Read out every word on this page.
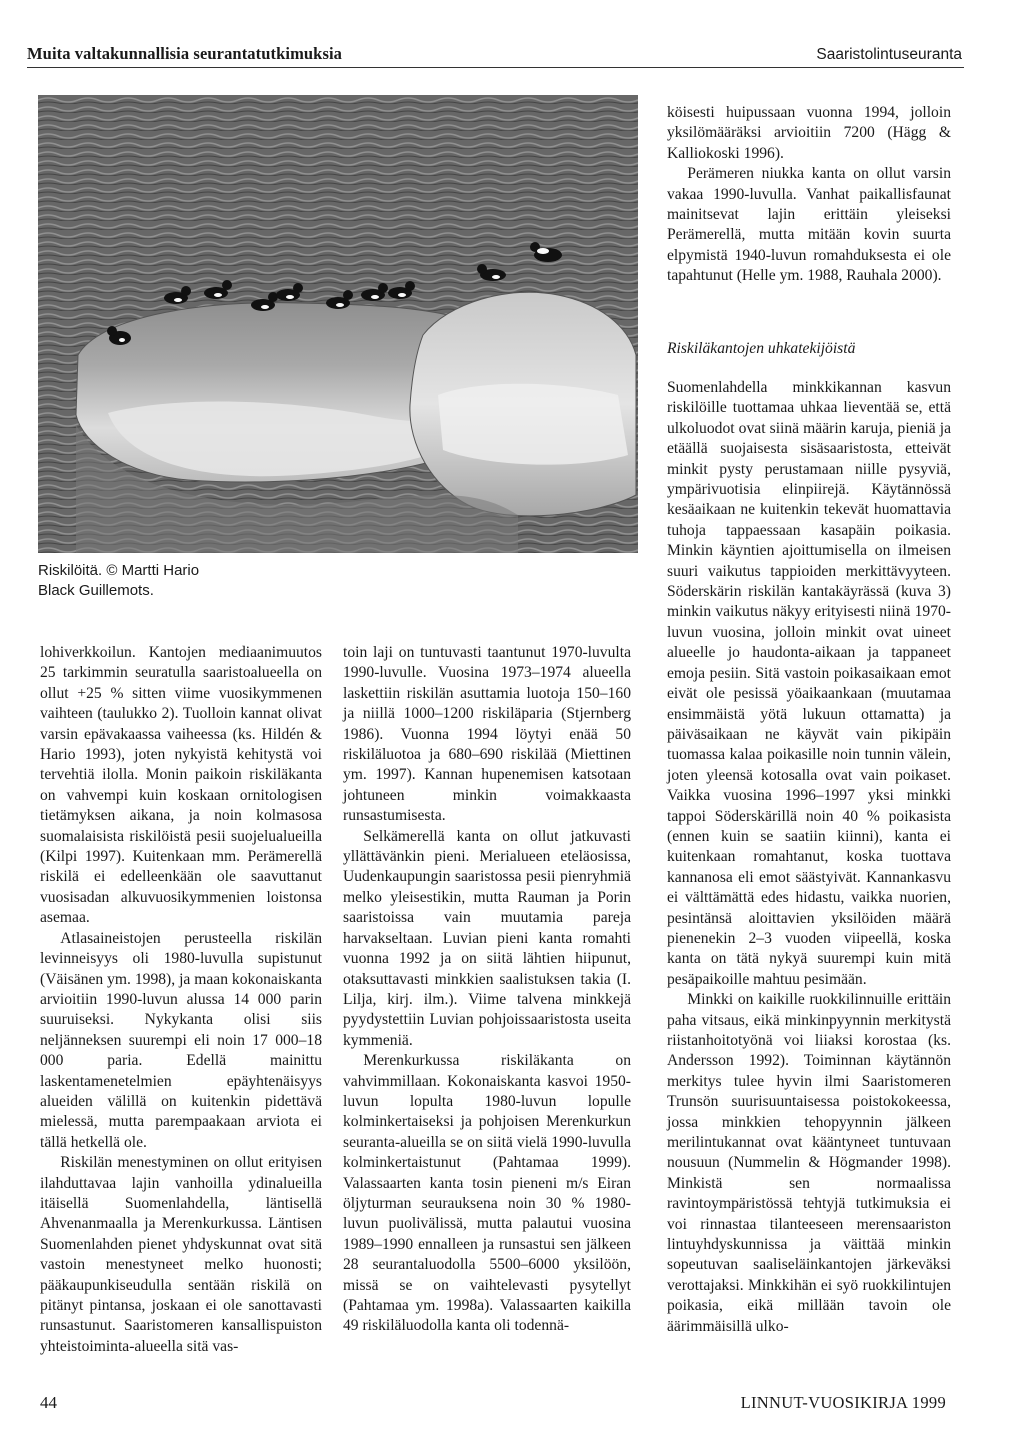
Muita valtakunnallisia seurantatutkimuksia	Saaristolintuseuranta
Riskilöitä. © Martti Hario
Black Guillemots.

lohiverkkoilun. Kantojen mediaanimuutos 25 tarkimmin seuratulla saaristoalueella on ollut +25 % sitten viime vuosikymmenen vaihteen (taulukko 2). Tuolloin kannat olivat varsin epävakaassa vaiheessa (ks. Hildén & Hario 1993), joten nykyistä kehitystä voi tervehtiä ilolla. Monin paikoin riskiläkanta on vahvempi kuin koskaan ornitologisen tietämyksen aikana, ja noin kolmasosa suomalaisista riskilöistä pesii suojelualueilla (Kilpi 1997). Kuitenkaan mm. Perämerellä riskilä ei edelleenkään ole saavuttanut vuosisadan alkuvuosikymmenien loistonsa asemaa.

Atlasaineistojen perusteella riskilän levinneisyys oli 1980-luvulla supistunut (Väisänen ym. 1998), ja maan kokonaiskanta arvioitiin 1990-luvun alussa 14 000 parin suuruiseksi. Nykykanta olisi siis neljänneksen suurempi eli noin 17 000–18 000 paria. Edellä mainittu laskentamenetelmien epäyhtenäisyys alueiden välillä on kuitenkin pidettävä mielessä, mutta parempaakaan arviota ei tällä hetkellä ole.

Riskilän menestyminen on ollut erityisen ilahduttavaa lajin vanhoilla ydinalueilla itäisellä Suomenlahdella, läntisellä Ahvenanmaalla ja Merenkurkussa. Läntisen Suomenlahden pienet yhdyskunnat ovat sitä vastoin menestyneet melko huonosti; pääkaupunkiseudulla sentään riskilä on pitänyt pintansa, joskaan ei ole sanottavasti runsastunut. Saaristomeren kansallispuiston yhteistoiminta-alueella sitä vas-

toin laji on tuntuvasti taantunut 1970-luvulta 1990-luvulle. Vuosina 1973–1974 alueella laskettiin riskilän asuttamia luotoja 150–160 ja niillä 1000–1200 riskiläparia (Stjernberg 1986). Vuonna 1994 löytyi enää 50 riskiläluotoa ja 680–690 riskilää (Miettinen ym. 1997). Kannan hupenemisen katsotaan johtuneen minkin voimakkaasta runsastumisesta.

Selkämerellä kanta on ollut jatkuvasti yllättävänkin pieni. Merialueen eteläosissa, Uudenkaupungin saaristossa pesii pienryhmiä melko yleisestikin, mutta Rauman ja Porin saaristoissa vain muutamia pareja harvakseltaan. Luvian pieni kanta romahti vuonna 1992 ja on siitä lähtien hiipunut, otaksuttavasti minkkien saalistuksen takia (I. Lilja, kirj. ilm.). Viime talvena minkkejä pyydystettiin Luvian pohjoissaaristosta useita kymmeniä.

Merenkurkussa riskiläkanta on vahvimmillaan. Kokonaiskanta kasvoi 1950-luvun lopulta 1980-luvun lopulle kolminkertaiseksi ja pohjoisen Merenkurkun seuranta-alueilla se on siitä vielä 1990-luvulla kolminkertaistunut (Pahtamaa 1999). Valassaarten kanta tosin pieneni m/s Eiran öljyturman seurauksena noin 30 % 1980-luvun puolivälissä, mutta palautui vuosina 1989–1990 ennalleen ja runsastui sen jälkeen 28 seurantaluodolla 5500–6000 yksilöön, missä se on vaihtelevasti pysytellyt (Pahtamaa ym. 1998a). Valassaarten kaikilla 49 riskiläluodolla kanta oli todennä-

köisesti huipussaan vuonna 1994, jolloin yksilömääräksi arvioitiin 7200 (Hägg & Kalliokoski 1996).

Perämeren niukka kanta on ollut varsin vakaa 1990-luvulla. Vanhat paikallisfaunat mainitsevat lajin erittäin yleiseksi Perämerellä, mutta mitään kovin suurta elpymistä 1940-luvun romahduksesta ei ole tapahtunut (Helle ym. 1988, Rauhala 2000).

Riskiläkantojen uhkatekijöistä

Suomenlahdella minkkikannan kasvun riskilöille tuottamaa uhkaa lieventää se, että ulkoluodot ovat siinä määrin karuja, pieniä ja etäällä suojaisesta sisäsaaristosta, etteivät minkit pysty perustamaan niille pysyviä, ympärivuotisia elinpiirejä. Käytännössä kesäaikaan ne kuitenkin tekevät huomattavia tuhoja tappaessaan kasapäin poikasia. Minkin käyntien ajoittumisella on ilmeisen suuri vaikutus tappioiden merkittävyyteen. Söderskärin riskilän kantakäyrässä (kuva 3) minkin vaikutus näkyy erityisesti niinä 1970-luvun vuosina, jolloin minkit ovat uineet alueelle jo haudonta-aikaan ja tappaneet emoja pesiin. Sitä vastoin poikasaikaan emot eivät ole pesissä yöaikaankaan (muutamaa ensimmäistä yötä lukuun ottamatta) ja päiväsaikaan ne käyvät vain pikipäin tuomassa kalaa poikasille noin tunnin välein, joten yleensä kotosalla ovat vain poikaset. Vaikka vuosina 1996–1997 yksi minkki tappoi Söderskärillä noin 40 % poikasista (ennen kuin se saatiin kiinni), kanta ei kuitenkaan romahtanut, koska tuottava kannanosa eli emot säästyivät. Kannankasvu ei välttämättä edes hidastu, vaikka nuorien, pesintänsä aloittavien yksilöiden määrä pienenekin 2–3 vuoden viipeellä, koska kanta on tätä nykyä suurempi kuin mitä pesäpaikoille mahtuu pesimään.

Minkki on kaikille ruokkilinnuille erittäin paha vitsaus, eikä minkinpyynnin merkitystä riistanhoitotyönä voi liiaksi korostaa (ks. Andersson 1992). Toiminnan käytännön merkitys tulee hyvin ilmi Saaristomeren Trunsön suurisuuntaisessa poistokokeessa, jossa minkkien tehopyynnin jälkeen merilintukannat ovat kääntyneet tuntuvaan nousuun (Nummelin & Högmander 1998). Minkistä sen normaalissa ravintoympäristössä tehtyjä tutkimuksia ei voi rinnastaa tilanteeseen merensaariston lintuyhdyskunnissa ja väittää minkin sopeutuvan saaliseläinkantojen järkeväksi verottajaksi. Minkkihän ei syö ruokkilintujen poikasia, eikä millään tavoin ole äärimmäisillä ulko-

44	LINNUT-VUOSIKIRJA 1999
